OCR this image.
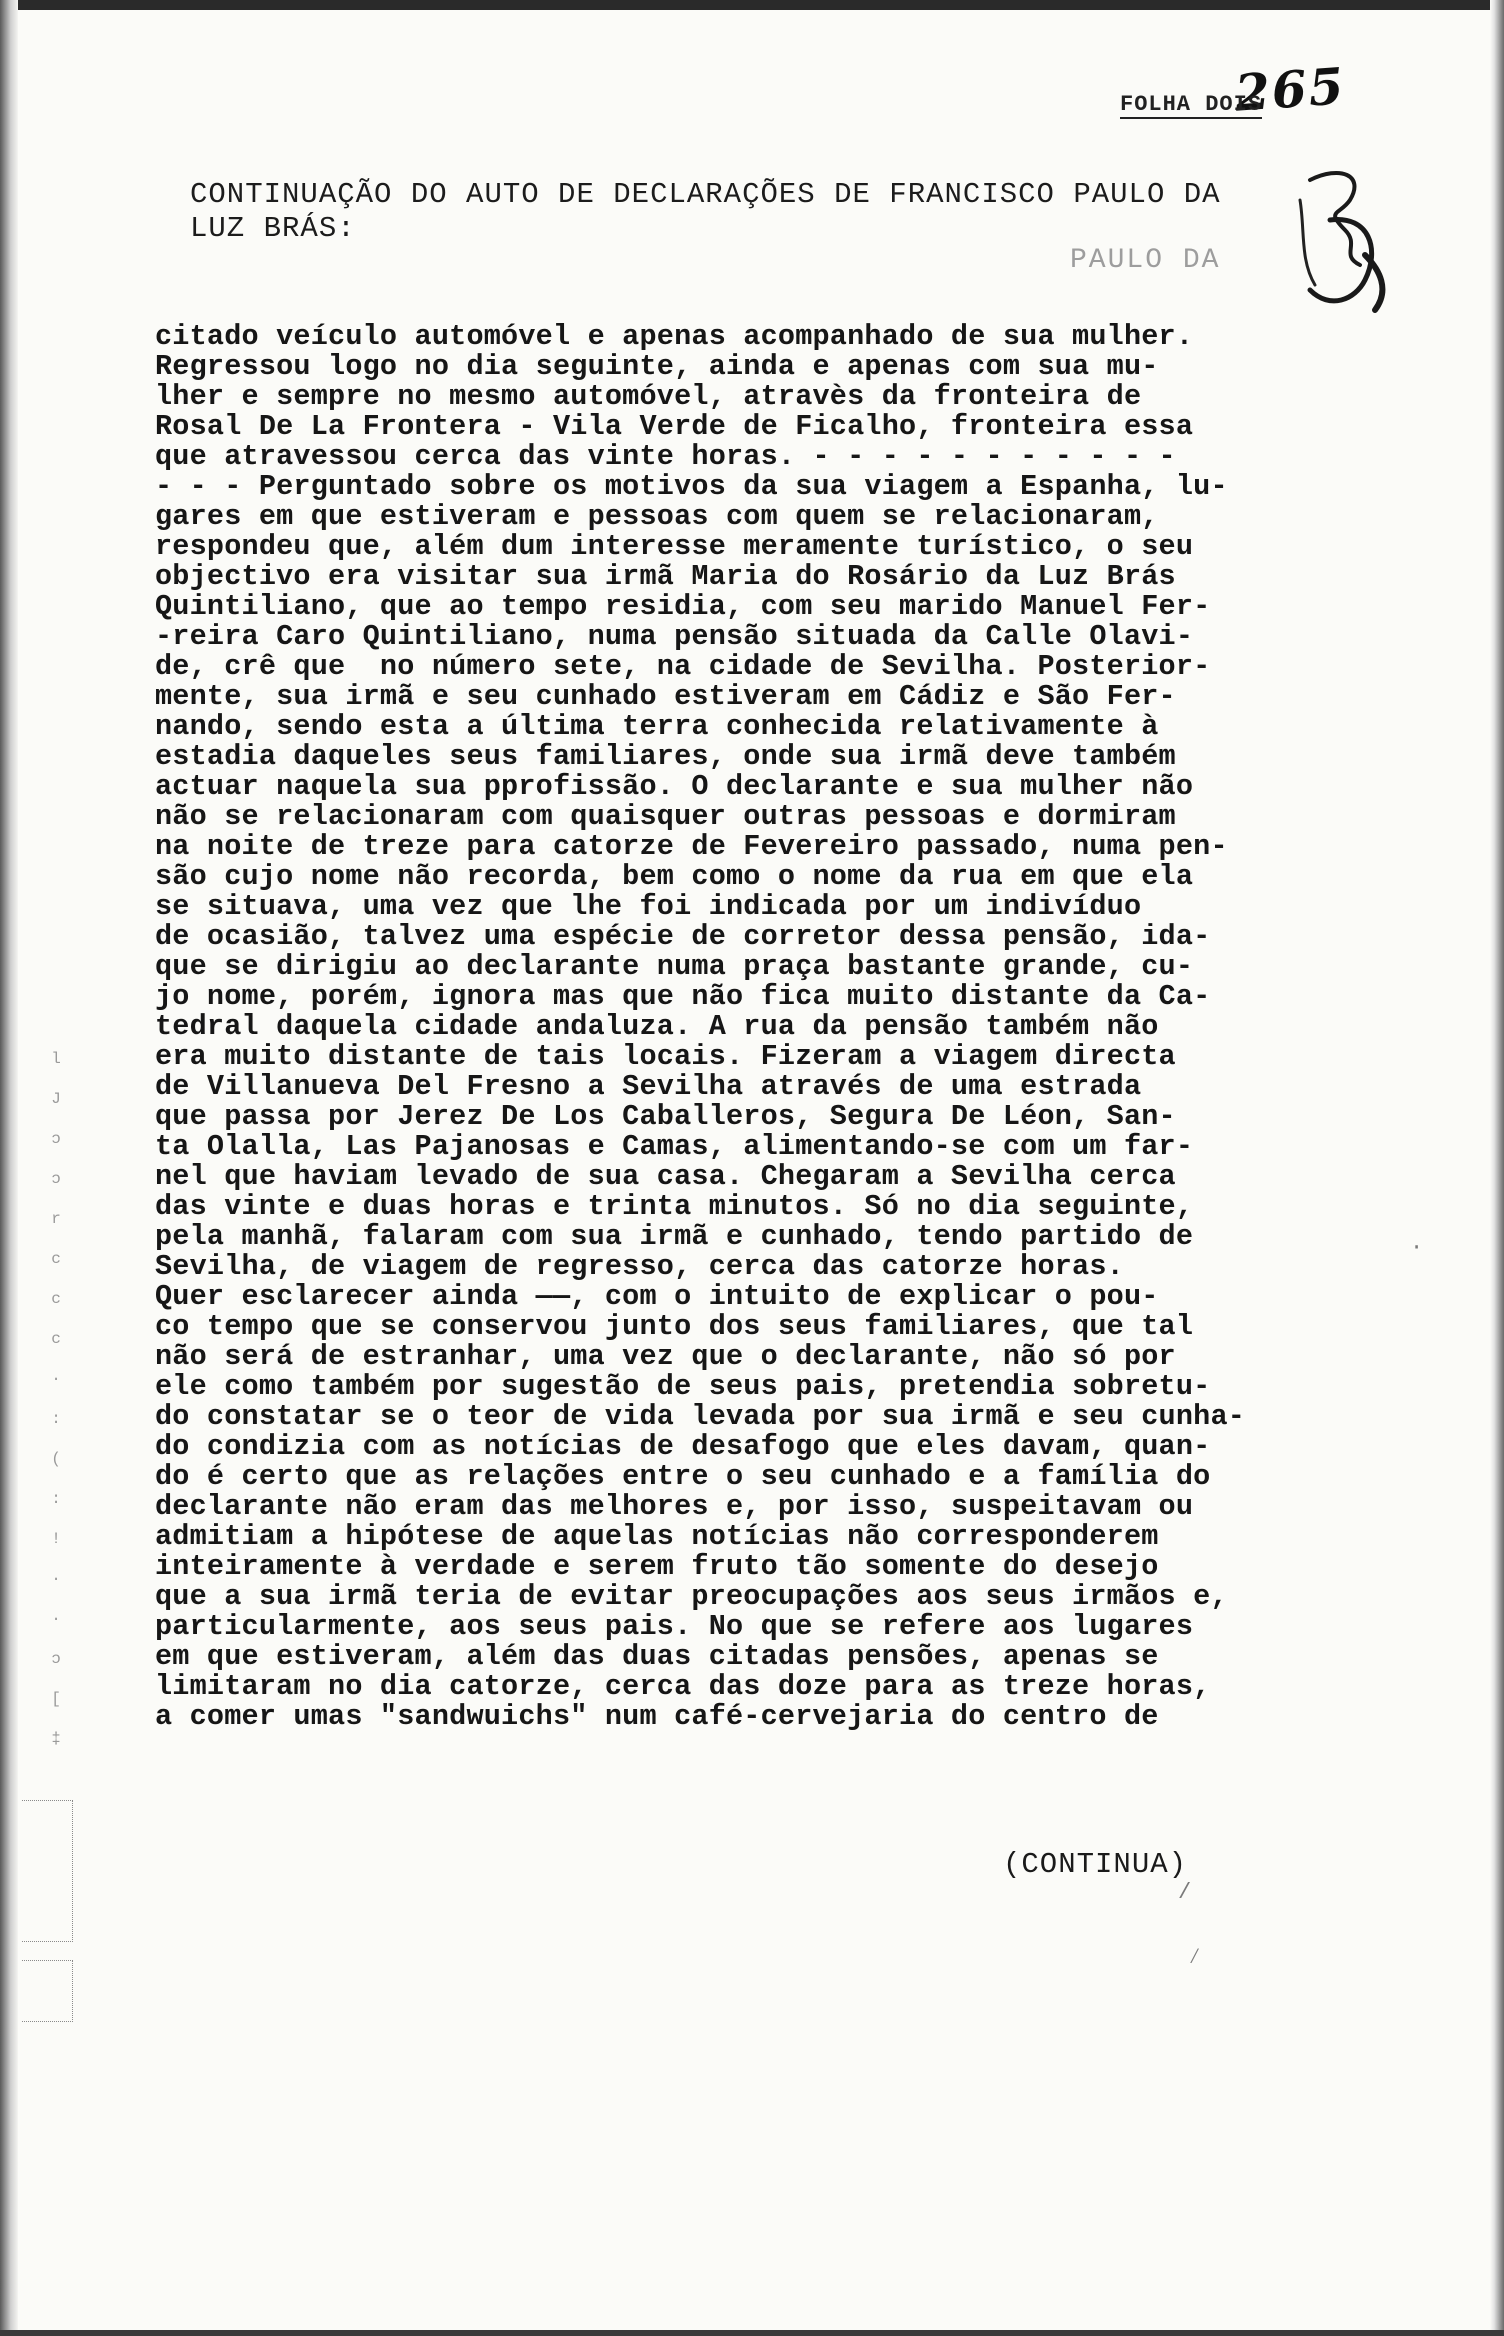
l
J
ɔ
ɔ
r
c
c
c
·
:
(
:
!
·
·
ɔ
[
‡
265
FOLHA DOIS
CONTINUAÇÃO DO AUTO DE DECLARAÇÕES DE FRANCISCO PAULO DA
LUZ BRÁS:
PAULO DA
citado veículo automóvel e apenas acompanhado de sua mulher.
Regressou logo no dia seguinte, ainda e apenas com sua mu-
lher e sempre no mesmo automóvel, atravès da fronteira de
Rosal De La Frontera - Vila Verde de Ficalho, fronteira essa
que atravessou cerca das vinte horas. - - - - - - - - - - -
- - - Perguntado sobre os motivos da sua viagem a Espanha, lu-
gares em que estiveram e pessoas com quem se relacionaram,
respondeu que, além dum interesse meramente turístico, o seu
objectivo era visitar sua irmã Maria do Rosário da Luz Brás
Quintiliano, que ao tempo residia, com seu marido Manuel Fer-
-reira Caro Quintiliano, numa pensão situada da Calle Olavi-
de, crê que  no número sete, na cidade de Sevilha. Posterior-
mente, sua irmã e seu cunhado estiveram em Cádiz e São Fer-
nando, sendo esta a última terra conhecida relativamente à
estadia daqueles seus familiares, onde sua irmã deve também
actuar naquela sua pprofissão. O declarante e sua mulher não
não se relacionaram com quaisquer outras pessoas e dormiram
na noite de treze para catorze de Fevereiro passado, numa pen-
são cujo nome não recorda, bem como o nome da rua em que ela
se situava, uma vez que lhe foi indicada por um indivíduo
de ocasião, talvez uma espécie de corretor dessa pensão, ida-
que se dirigiu ao declarante numa praça bastante grande, cu-
jo nome, porém, ignora mas que não fica muito distante da Ca-
tedral daquela cidade andaluza. A rua da pensão também não
era muito distante de tais locais. Fizeram a viagem directa
de Villanueva Del Fresno a Sevilha através de uma estrada
que passa por Jerez De Los Caballeros, Segura De Léon, San-
ta Olalla, Las Pajanosas e Camas, alimentando-se com um far-
nel que haviam levado de sua casa. Chegaram a Sevilha cerca
das vinte e duas horas e trinta minutos. Só no dia seguinte,
pela manhã, falaram com sua irmã e cunhado, tendo partido de
Sevilha, de viagem de regresso, cerca das catorze horas.
Quer esclarecer ainda ——, com o intuito de explicar o pou-
co tempo que se conservou junto dos seus familiares, que tal
não será de estranhar, uma vez que o declarante, não só por
ele como também por sugestão de seus pais, pretendia sobretu-
do constatar se o teor de vida levada por sua irmã e seu cunha-
do condizia com as notícias de desafogo que eles davam, quan-
do é certo que as relações entre o seu cunhado e a família do
declarante não eram das melhores e, por isso, suspeitavam ou
admitiam a hipótese de aquelas notícias não corresponderem
inteiramente à verdade e serem fruto tão somente do desejo
que a sua irmã teria de evitar preocupações aos seus irmãos e,
particularmente, aos seus pais. No que se refere aos lugares
em que estiveram, além das duas citadas pensões, apenas se
limitaram no dia catorze, cerca das doze para as treze horas,
a comer umas "sandwuichs" num café-cervejaria do centro de
(CONTINUA)
/
⁄
·
